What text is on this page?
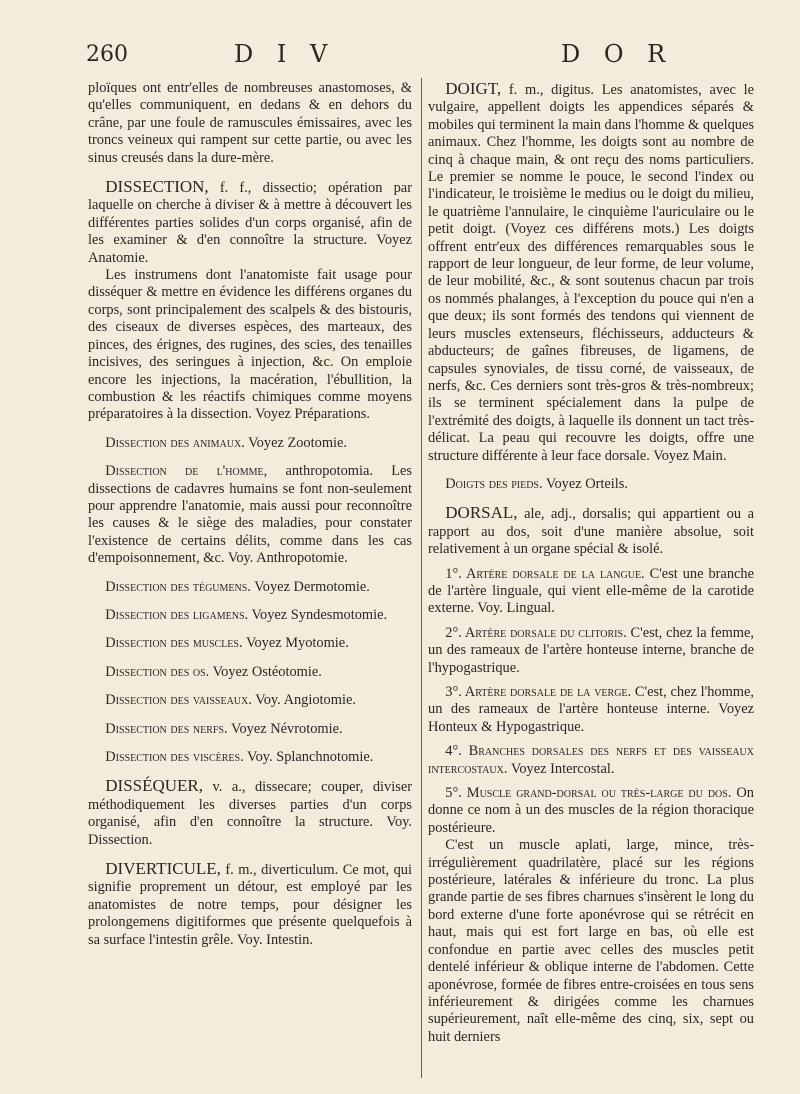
260	D I V	D O R

ploïques ont entr'elles de nombreuses anastomoses, & qu'elles communiquent, en dedans & en dehors du crâne, par une foule de ramuscules émissaires, avec les troncs veineux qui rampent sur cette partie, ou avec les sinus creusés dans la dure-mère.

DISSECTION, f. f., dissectio; opération par laquelle on cherche à diviser & à mettre à découvert les différentes parties solides d'un corps organisé, afin de les examiner & d'en connoître la structure. Voyez Anatomie.

Les instrumens dont l'anatomiste fait usage pour disséquer & mettre en évidence les différens organes du corps, sont principalement des scalpels & des bistouris, des ciseaux de diverses espèces, des marteaux, des pinces, des érignes, des rugines, des scies, des tenailles incisives, des seringues à injection, &c. On emploie encore les injections, la macération, l'ébullition, la combustion & les réactifs chimiques comme moyens préparatoires à la dissection. Voyez Préparations.

Dissection des animaux. Voyez Zootomie.

Dissection de l'homme, anthropotomia. Les dissections de cadavres humains se font non-seulement pour apprendre l'anatomie, mais aussi pour reconnoître les causes & le siège des maladies, pour constater l'existence de certains délits, comme dans les cas d'empoisonnement, &c. Voy. Anthropotomie.

Dissection des tégumens. Voyez Dermotomie.

Dissection des ligamens. Voyez Syndesmotomie.

Dissection des muscles. Voyez Myotomie.

Dissection des os. Voyez Ostéotomie.

Dissection des vaisseaux. Voy. Angiotomie.

Dissection des nerfs. Voyez Névrotomie.

Dissection des viscères. Voy. Splanchnotomie.

DISSÉQUER, v. a., dissecare; couper, diviser méthodiquement les diverses parties d'un corps organisé, afin d'en connoître la structure. Voy. Dissection.

DIVERTICULE, f. m., diverticulum. Ce mot, qui signifie proprement un détour, est employé par les anatomistes de notre temps, pour désigner les prolongemens digitiformes que présente quelquefois à sa surface l'intestin grêle. Voy. Intestin.

DOIGT, f. m., digitus. Les anatomistes, avec le vulgaire, appellent doigts les appendices séparés & mobiles qui terminent la main dans l'homme & quelques animaux. Chez l'homme, les doigts sont au nombre de cinq à chaque main, & ont reçu des noms particuliers. Le premier se nomme le pouce, le second l'index ou l'indicateur, le troisième le medius ou le doigt du milieu, le quatrième l'annulaire, le cinquième l'auriculaire ou le petit doigt. (Voyez ces différens mots.) Les doigts offrent entr'eux des différences remarquables sous le rapport de leur longueur, de leur forme, de leur volume, de leur mobilité, &c., & sont soutenus chacun par trois os nommés phalanges, à l'exception du pouce qui n'en a que deux; ils sont formés des tendons qui viennent de leurs muscles extenseurs, fléchisseurs, adducteurs & abducteurs; de gaînes fibreuses, de ligamens, de capsules synoviales, de tissu corné, de vaisseaux, de nerfs, &c. Ces derniers sont très-gros & très-nombreux; ils se terminent spécialement dans la pulpe de l'extrémité des doigts, à laquelle ils donnent un tact très-délicat. La peau qui recouvre les doigts, offre une structure différente à leur face dorsale. Voyez Main.

Doigts des pieds. Voyez Orteils.

DORSAL, ale, adj., dorsalis; qui appartient ou a rapport au dos, soit d'une manière absolue, soit relativement à un organe spécial & isolé.

1°. Artère dorsale de la langue. C'est une branche de l'artère linguale, qui vient elle-même de la carotide externe. Voy. Lingual.

2°. Artère dorsale du clitoris. C'est, chez la femme, un des rameaux de l'artère honteuse interne, branche de l'hypogastrique.

3°. Artère dorsale de la verge. C'est, chez l'homme, un des rameaux de l'artère honteuse interne. Voyez Honteux & Hypogastrique.

4°. Branches dorsales des nerfs et des vaisseaux intercostaux. Voyez Intercostal.

5°. Muscle grand-dorsal ou très-large du dos. On donne ce nom à un des muscles de la région thoracique postérieure.

C'est un muscle aplati, large, mince, très-irrégulièrement quadrilatère, placé sur les régions postérieure, latérales & inférieure du tronc. La plus grande partie de ses fibres charnues s'insèrent le long du bord externe d'une forte aponévrose qui se rétrécit en haut, mais qui est fort large en bas, où elle est confondue en partie avec celles des muscles petit dentelé inférieur & oblique interne de l'abdomen. Cette aponévrose, formée de fibres entre-croisées en tous sens inférieurement & dirigées comme les charnues supérieurement, naît elle-même des cinq, six, sept ou huit derniers
